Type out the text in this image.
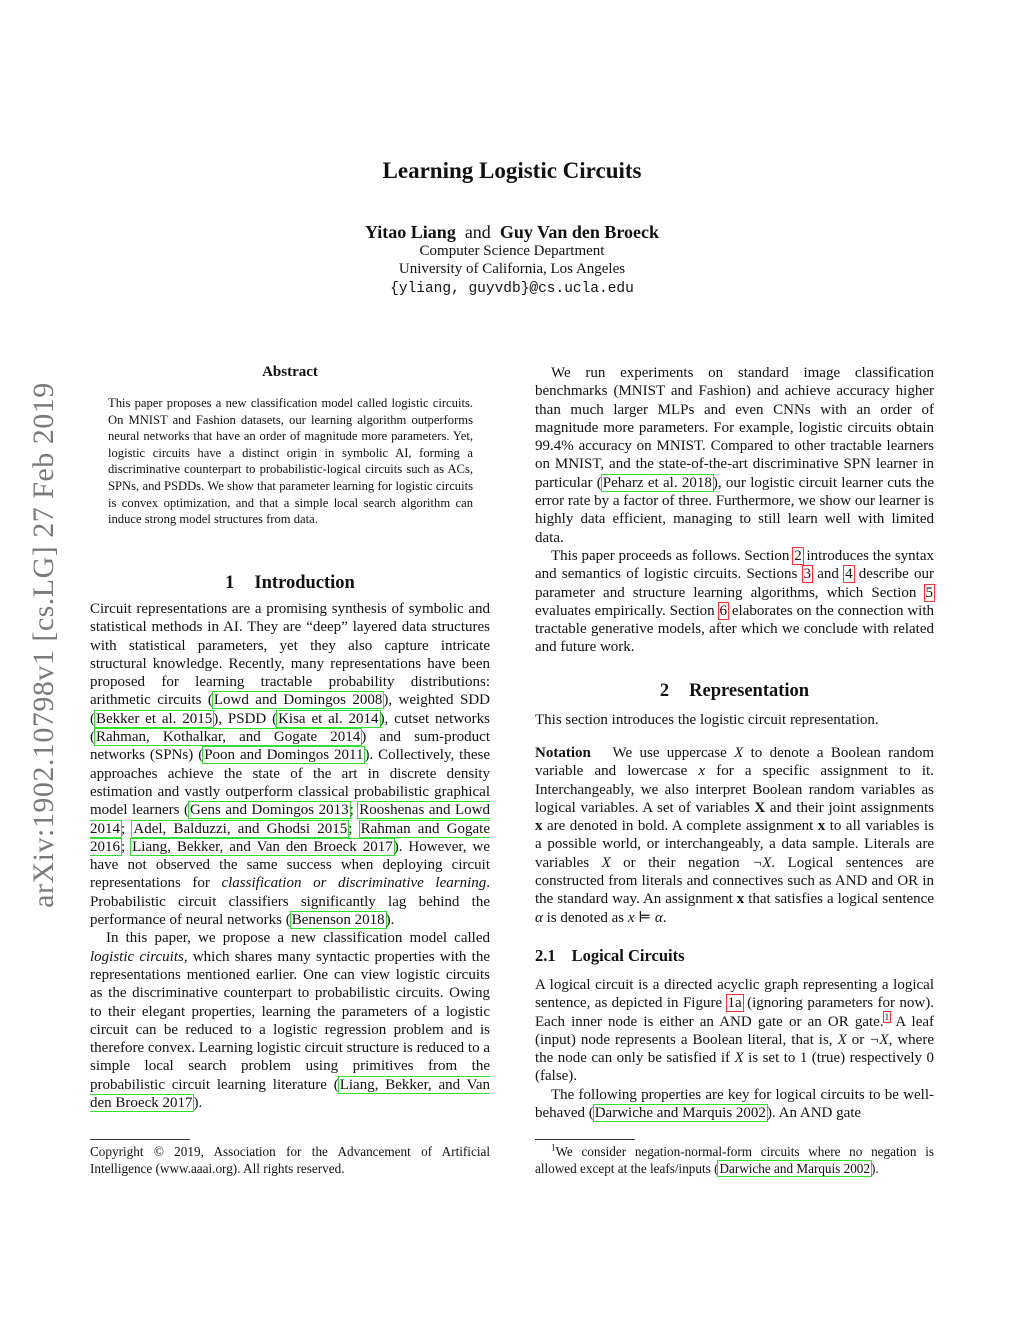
arXiv:1902.10798v1 [cs.LG] 27 Feb 2019
Learning Logistic Circuits
Yitao Liang and Guy Van den Broeck
Computer Science Department
University of California, Los Angeles
{yliang, guyvdb}@cs.ucla.edu
Abstract
This paper proposes a new classification model called logistic circuits. On MNIST and Fashion datasets, our learning algorithm outperforms neural networks that have an order of magnitude more parameters. Yet, logistic circuits have a distinct origin in symbolic AI, forming a discriminative counterpart to probabilistic-logical circuits such as ACs, SPNs, and PSDDs. We show that parameter learning for logistic circuits is convex optimization, and that a simple local search algorithm can induce strong model structures from data.
1 Introduction

Circuit representations are a promising synthesis of symbolic and statistical methods in AI. They are “deep” layered data structures with statistical parameters, yet they also capture intricate structural knowledge. Recently, many representations have been proposed for learning tractable probability distributions: arithmetic circuits (Lowd and Domingos 2008), weighted SDD (Bekker et al. 2015), PSDD (Kisa et al. 2014), cutset networks (Rahman, Kothalkar, and Gogate 2014) and sum-product networks (SPNs) (Poon and Domingos 2011). Collectively, these approaches achieve the state of the art in discrete density estimation and vastly outperform classical probabilistic graphical model learners (Gens and Domingos 2013; Rooshenas and Lowd 2014; Adel, Balduzzi, and Ghodsi 2015; Rahman and Gogate 2016; Liang, Bekker, and Van den Broeck 2017). However, we have not observed the same success when deploying circuit representations for classification or discriminative learning. Probabilistic circuit classifiers significantly lag behind the performance of neural networks (Benenson 2018).

In this paper, we propose a new classification model called logistic circuits, which shares many syntactic properties with the representations mentioned earlier. One can view logistic circuits as the discriminative counterpart to probabilistic circuits. Owing to their elegant properties, learning the parameters of a logistic circuit can be reduced to a logistic regression problem and is therefore convex. Learning logistic circuit structure is reduced to a simple local search problem using primitives from the probabilistic circuit learning literature (Liang, Bekker, and Van den Broeck 2017).

Copyright © 2019, Association for the Advancement of Artificial Intelligence (www.aaai.org). All rights reserved.

We run experiments on standard image classification benchmarks (MNIST and Fashion) and achieve accuracy higher than much larger MLPs and even CNNs with an order of magnitude more parameters. For example, logistic circuits obtain 99.4% accuracy on MNIST. Compared to other tractable learners on MNIST, and the state-of-the-art discriminative SPN learner in particular (Peharz et al. 2018), our logistic circuit learner cuts the error rate by a factor of three. Furthermore, we show our learner is highly data efficient, managing to still learn well with limited data.

This paper proceeds as follows. Section 2 introduces the syntax and semantics of logistic circuits. Sections 3 and 4 describe our parameter and structure learning algorithms, which Section 5 evaluates empirically. Section 6 elaborates on the connection with tractable generative models, after which we conclude with related and future work.

2 Representation
This section introduces the logistic circuit representation.

Notation We use uppercase X to denote a Boolean random variable and lowercase x for a specific assignment to it. Interchangeably, we also interpret Boolean random variables as logical variables. A set of variables X and their joint assignments x are denoted in bold. A complete assignment x to all variables is a possible world, or interchangeably, a data sample. Literals are variables X or their negation ¬X. Logical sentences are constructed from literals and connectives such as AND and OR in the standard way. An assignment x that satisfies a logical sentence α is denoted as x ⊨ α.

2.1 Logical Circuits

A logical circuit is a directed acyclic graph representing a logical sentence, as depicted in Figure 1a (ignoring parameters for now). Each inner node is either an AND gate or an OR gate.$^1$ A leaf (input) node represents a Boolean literal, that is, X or ¬X, where the node can only be satisfied if X is set to 1 (true) respectively 0 (false).

The following properties are key for logical circuits to be well-behaved (Darwiche and Marquis 2002). An AND gate

$^1$We consider negation-normal-form circuits where no negation is allowed except at the leafs/inputs (Darwiche and Marquis 2002).
